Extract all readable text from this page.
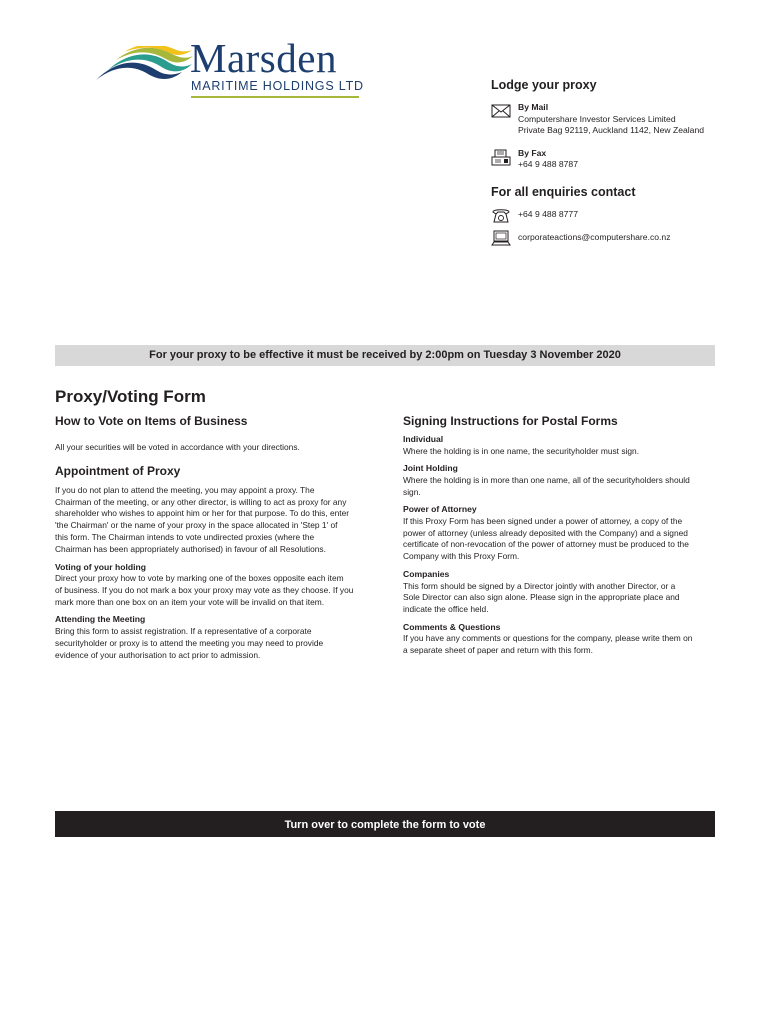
Marsden
MARITIME HOLDINGS LTD	Lodge your proxy
By Mail
Computershare Investor Services Limited
Private Bag 92119, Auckland 1142, New Zealand
By Fax
+64 9 488 8787
For all enquiries contact
+64 9 488 8777
corporateactions@computershare.co.nz
For your proxy to be effective it must be received by 2:00pm on Tuesday 3 November 2020
Proxy/Voting Form
How to Vote on Items of Business
All your securities will be voted in accordance with your directions.
Appointment of Proxy
If you do not plan to attend the meeting, you may appoint a proxy. The
Chairman of the meeting, or any other director, is willing to act as proxy for any
shareholder who wishes to appoint him or her for that purpose. To do this, enter
'the Chairman' or the name of your proxy in the space allocated in 'Step 1' of
this form. The Chairman intends to vote undirected proxies (where the
Chairman has been appropriately authorised) in favour of all Resolutions.
Voting of your holding
Direct your proxy how to vote by marking one of the boxes opposite each item
of business. If you do not mark a box your proxy may vote as they choose. If you
mark more than one box on an item your vote will be invalid on that item.
Attending the Meeting
Bring this form to assist registration. If a representative of a corporate
securityholder or proxy is to attend the meeting you may need to provide
evidence of your authorisation to act prior to admission.
Signing Instructions for Postal Forms
Individual
Where the holding is in one name, the securityholder must sign.
Joint Holding
Where the holding is in more than one name, all of the securityholders should
sign.
Power of Attorney
If this Proxy Form has been signed under a power of attorney, a copy of the
power of attorney (unless already deposited with the Company) and a signed
certificate of non-revocation of the power of attorney must be produced to the
Company with this Proxy Form.
Companies
This form should be signed by a Director jointly with another Director, or a
Sole Director can also sign alone. Please sign in the appropriate place and
indicate the office held.
Comments & Questions
If you have any comments or questions for the company, please write them on
a separate sheet of paper and return with this form.
Turn over to complete the form to vote
